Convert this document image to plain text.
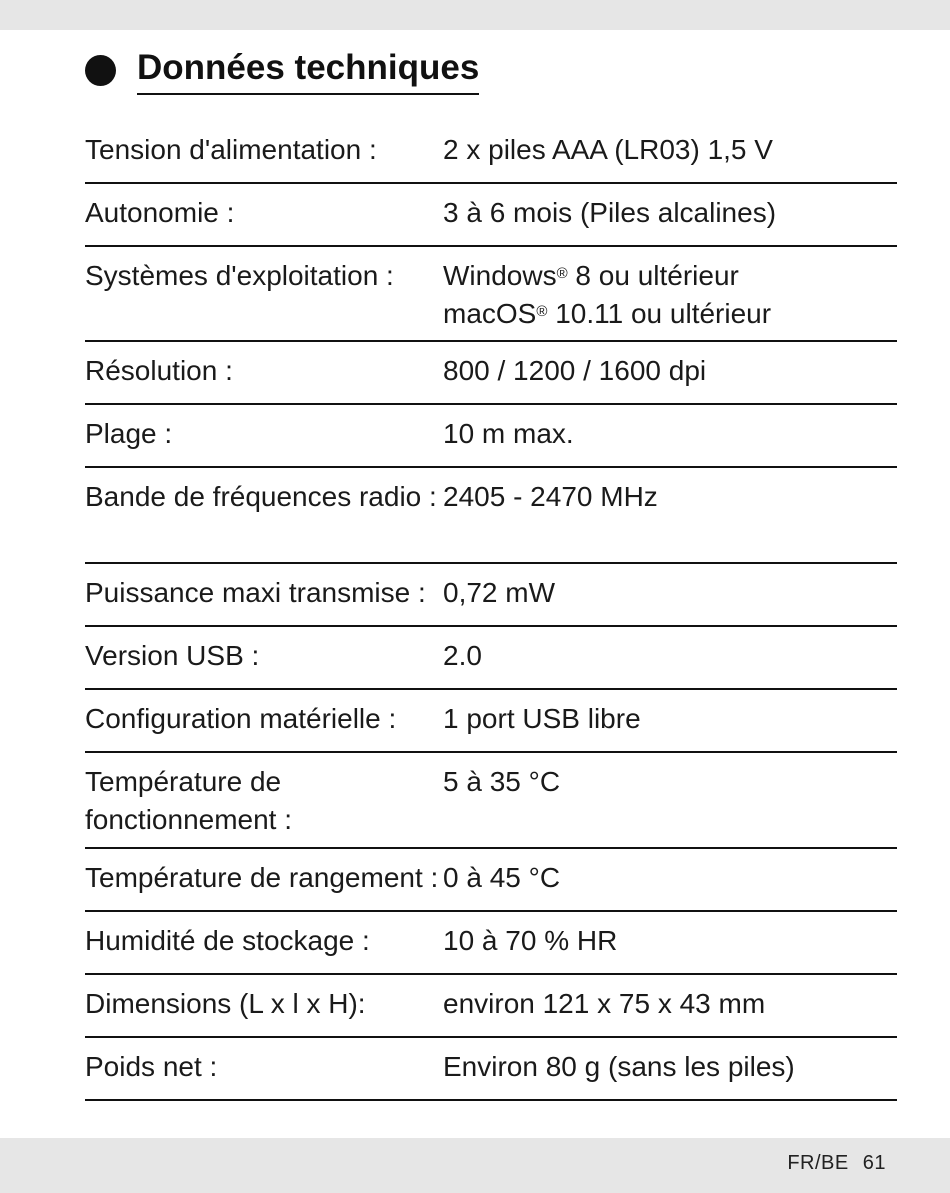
Données techniques
Tension d'alimentation :	2 x piles AAA (LR03) 1,5 V
Autonomie :	3 à 6 mois (Piles alcalines)
Systèmes d'exploitation :	Windows® 8 ou ultérieur
macOS® 10.11 ou ultérieur
Résolution :	800 / 1200 / 1600 dpi
Plage :	10 m max.
Bande de fréquences radio : 2405 - 2470 MHz
Puissance maxi transmise : 0,72 mW
Version USB :	2.0
Configuration matérielle :	1 port USB libre
Température de fonctionnement :
5 à 35 °C
Température de rangement : 0 à 45 °C
Humidité de stockage :	10 à 70 % HR
Dimensions (L x l x H):	environ 121 x 75 x 43 mm
Poids net :	Environ 80 g (sans les piles)
FR/BE 61
